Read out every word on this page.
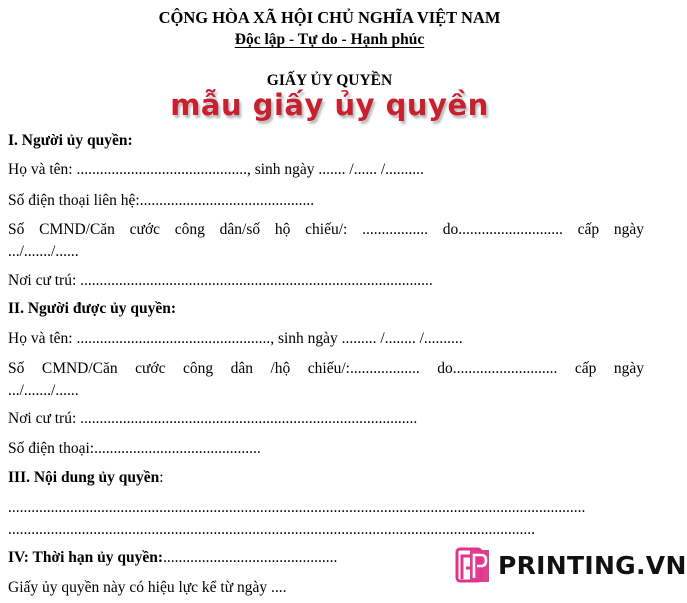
CỘNG HÒA XÃ HỘI CHỦ NGHĨA VIỆT NAM
Độc lập - Tự do - Hạnh phúc
GIẤY ỦY QUYỀN
mẫu giấy ủy quyền
I. Người ủy quyền:
Họ và tên: ............................................, sinh ngày ....... /...... /..........
Số điện thoại liên hệ:.............................................
Số CMND/Căn cước công dân/số hộ chiếu/: ................. do........................... cấp ngày
.../......./......
Nơi cư trú: ...........................................................................................
II. Người được ủy quyền:
Họ và tên: .................................................., sinh ngày ......... /........ /..........
Số CMND/Căn cước công dân /hộ chiếu/:.................. do........................... cấp ngày
.../......./......
Nơi cư trú: .......................................................................................
Số điện thoại:...........................................
III. Nội dung ủy quyền:
.....................................................................................................................................................
........................................................................................................................................
IV: Thời hạn ủy quyền:.............................................
Giấy ủy quyền này có hiệu lực kể từ ngày ....
PRINTING.VN
